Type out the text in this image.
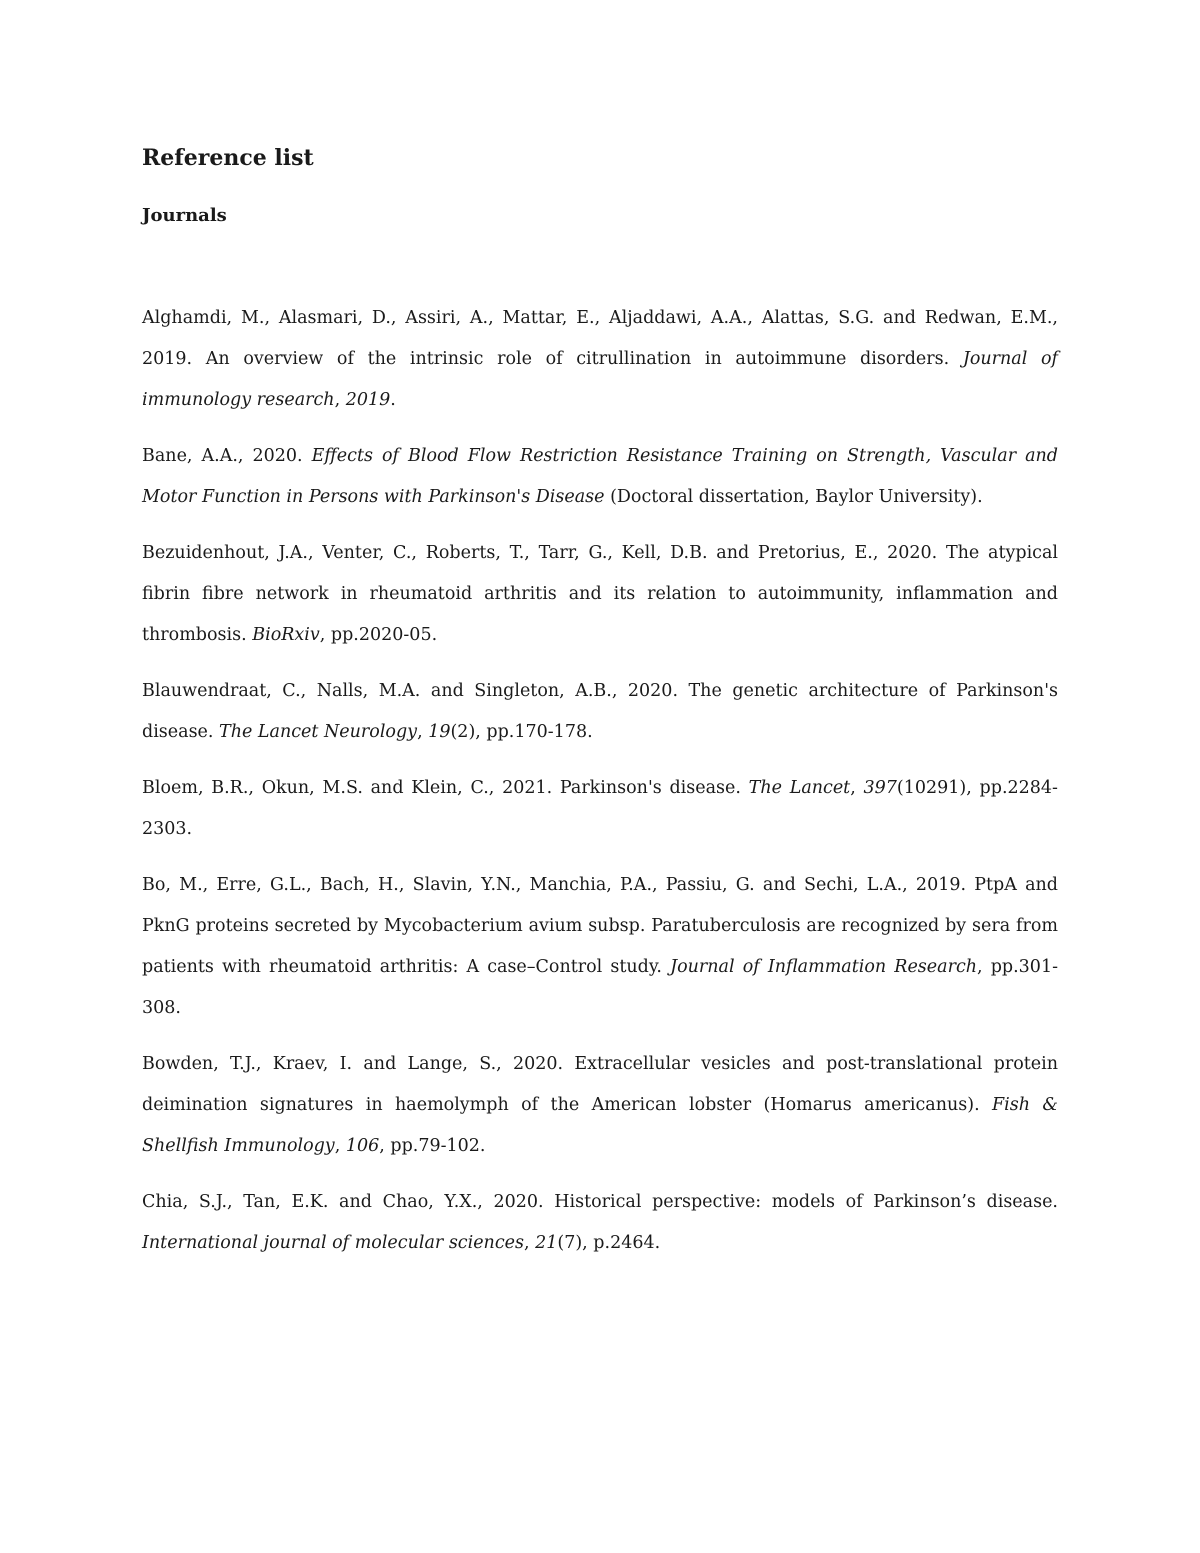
Reference list
Journals

Alghamdi, M., Alasmari, D., Assiri, A., Mattar, E., Aljaddawi, A.A., Alattas, S.G. and Redwan, E.M., 2019. An overview of the intrinsic role of citrullination in autoimmune disorders. Journal of immunology research, 2019.

Bane, A.A., 2020. Effects of Blood Flow Restriction Resistance Training on Strength, Vascular and Motor Function in Persons with Parkinson's Disease (Doctoral dissertation, Baylor University).

Bezuidenhout, J.A., Venter, C., Roberts, T., Tarr, G., Kell, D.B. and Pretorius, E., 2020. The atypical fibrin fibre network in rheumatoid arthritis and its relation to autoimmunity, inflammation and thrombosis. BioRxiv, pp.2020-05.

Blauwendraat, C., Nalls, M.A. and Singleton, A.B., 2020. The genetic architecture of Parkinson's disease. The Lancet Neurology, 19(2), pp.170-178.

Bloem, B.R., Okun, M.S. and Klein, C., 2021. Parkinson's disease. The Lancet, 397(10291), pp.2284-2303.

Bo, M., Erre, G.L., Bach, H., Slavin, Y.N., Manchia, P.A., Passiu, G. and Sechi, L.A., 2019. PtpA and PknG proteins secreted by Mycobacterium avium subsp. Paratuberculosis are recognized by sera from patients with rheumatoid arthritis: A case–Control study. Journal of Inflammation Research, pp.301-308.

Bowden, T.J., Kraev, I. and Lange, S., 2020. Extracellular vesicles and post-translational protein deimination signatures in haemolymph of the American lobster (Homarus americanus). Fish & Shellfish Immunology, 106, pp.79-102.

Chia, S.J., Tan, E.K. and Chao, Y.X., 2020. Historical perspective: models of Parkinson’s disease. International journal of molecular sciences, 21(7), p.2464.
